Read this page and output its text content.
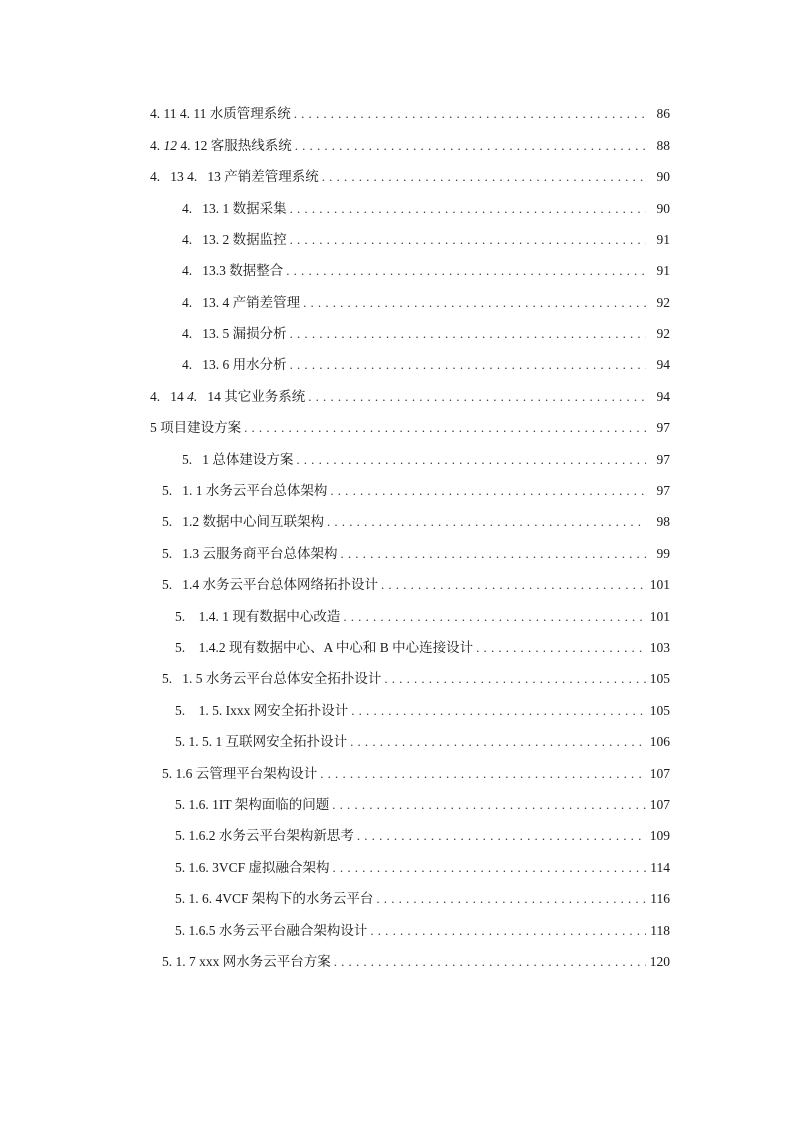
4. 11 4. 11 水质管理系统 . . .	86
4. 12 4. 12 客服热线系统 . . .	88
4.   13 4.   13 产销差管理系统 . . .	90
4.   13. 1 数据采集 . . .	90
4.   13. 2 数据监控 . . .	91
4.   13.3 数据整合 . . .	91
4.   13. 4 产销差管理 . . .	92
4.   13. 5 漏损分析 . . .	92
4.   13. 6 用水分析 . . .	94
4.   14 4.   14 其它业务系统 . . .	94
5 项目建设方案 . . .	97
5.   1 总体建设方案 . . .	97
5.   1. 1 水务云平台总体架构 . . .	97
5.   1.2 数据中心间互联架构 . . .	98
5.   1.3 云服务商平台总体架构 . . .	99
5.   1.4 水务云平台总体网络拓扑设计 . . .	101
5.    1.4. 1 现有数据中心改造 . . .	101
5.    1.4.2 现有数据中心、A 中心和 B 中心连接设计 . . .	103
5.   1. 5 水务云平台总体安全拓扑设计 . . .	105
5.    1. 5. Ixxx 网安全拓扑设计 . . .	105
5. 1. 5. 1 互联网安全拓扑设计 . . .	106
5. 1.6 云管理平台架构设计 . . .	107
5. 1.6. 1IT 架构面临的问题 . . .	107
5. 1.6.2 水务云平台架构新思考 . . .	109
5. 1.6. 3VCF 虚拟融合架构 . . .	114
5. 1. 6. 4VCF 架构下的水务云平台 . . .	116
5. 1.6.5 水务云平台融合架构设计 . . .	118
5. 1. 7 xxx 网水务云平台方案 . . .	120
